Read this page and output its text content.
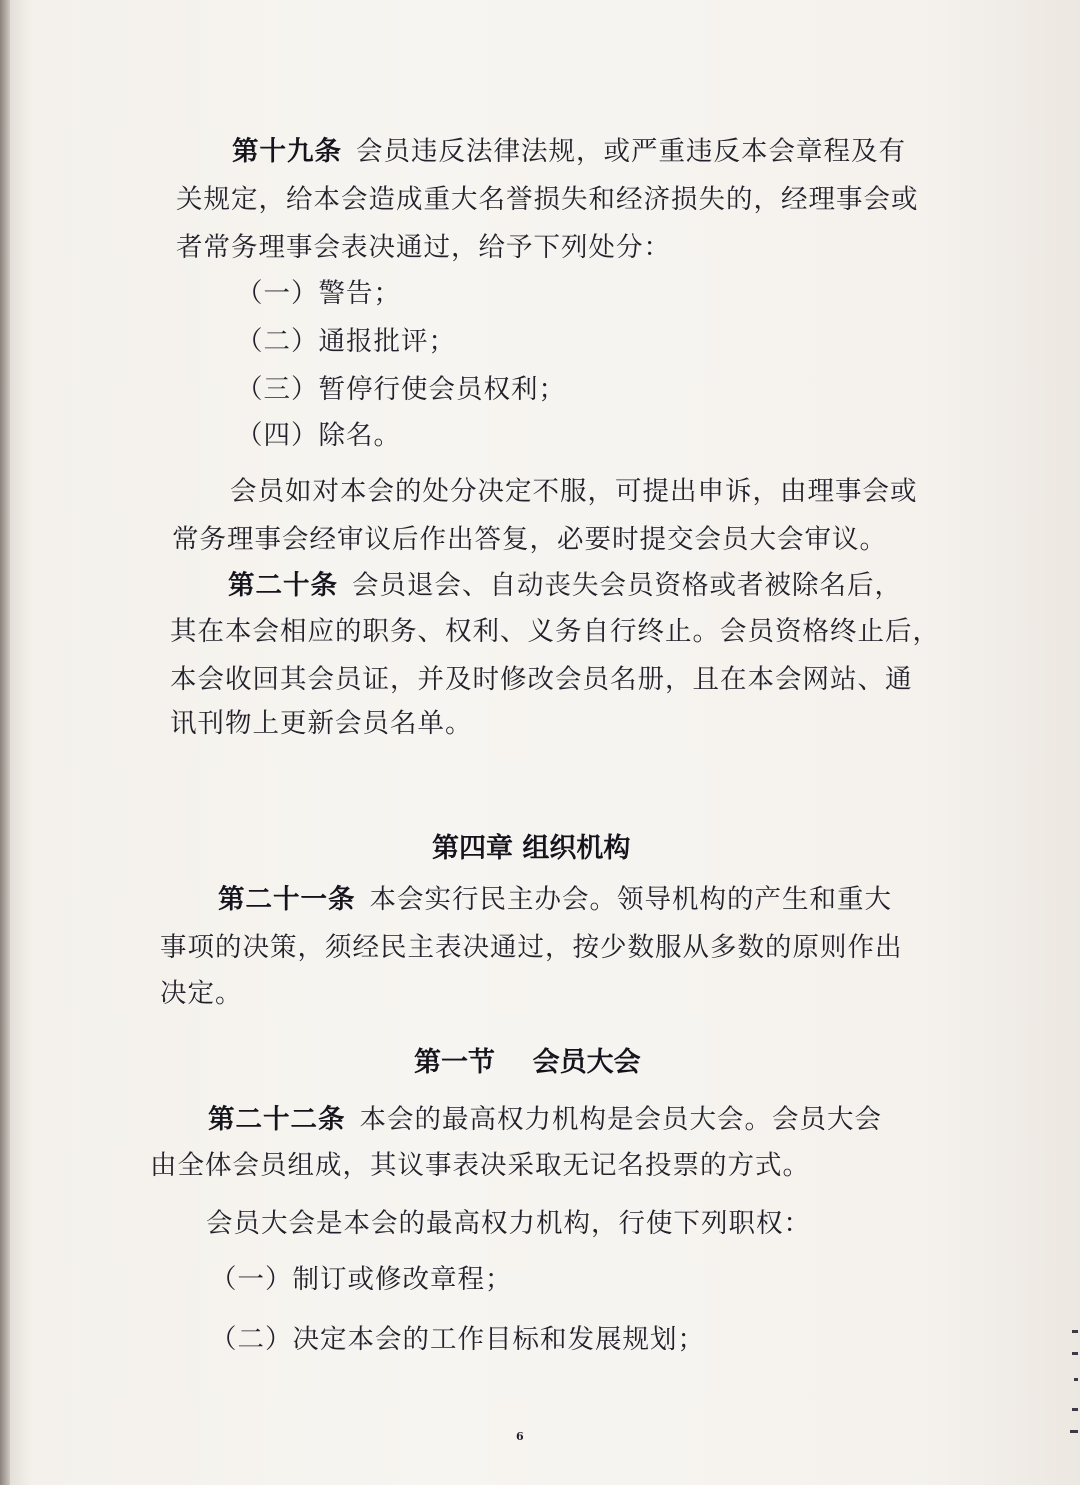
第十九条 会员违反法律法规，或严重违反本会章程及有

关规定，给本会造成重大名誉损失和经济损失的，经理事会或

者常务理事会表决通过，给予下列处分：

（一）警告；

（二）通报批评；

（三）暂停行使会员权利；

（四）除名。

会员如对本会的处分决定不服，可提出申诉，由理事会或

常务理事会经审议后作出答复，必要时提交会员大会审议。

第二十条 会员退会、自动丧失会员资格或者被除名后，

其在本会相应的职务、权利、义务自行终止。会员资格终止后，

本会收回其会员证，并及时修改会员名册，且在本会网站、通

讯刊物上更新会员名单。

第四章 组织机构

第二十一条 本会实行民主办会。领导机构的产生和重大

事项的决策，须经民主表决通过，按少数服从多数的原则作出

决定。

第一节    会员大会

第二十二条 本会的最高权力机构是会员大会。会员大会

由全体会员组成，其议事表决采取无记名投票的方式。

会员大会是本会的最高权力机构，行使下列职权：

（一）制订或修改章程；

（二）决定本会的工作目标和发展规划；

6
